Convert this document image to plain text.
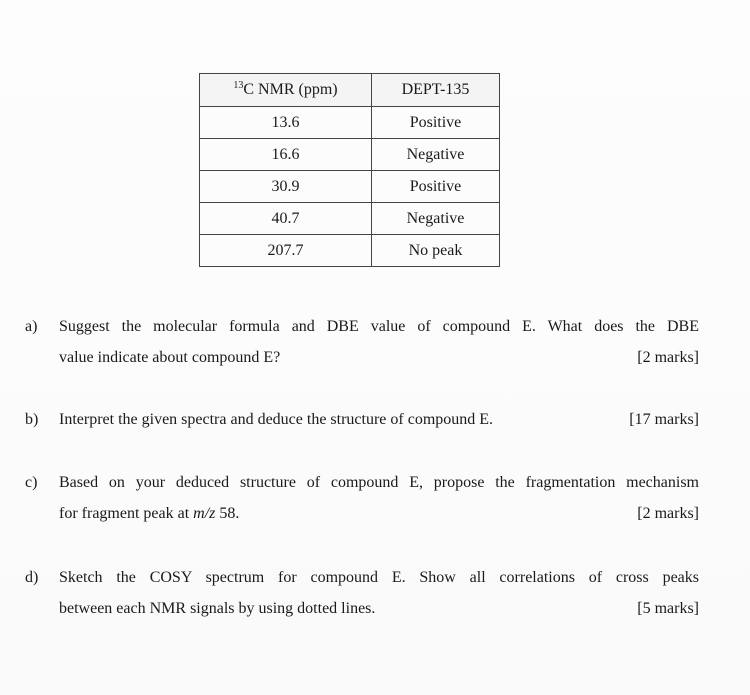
$^{13}$C NMR (ppm)	DEPT-135
13.6	Positive
16.6	Negative
30.9	Positive
40.7	Negative
207.7	No peak
a) Suggest the molecular formula and DBE value of compound E. What does the DBE
value indicate about compound E?	[2 marks]
b) Interpret the given spectra and deduce the structure of compound E.	[17 marks]
c) Based on your deduced structure of compound E, propose the fragmentation mechanism
for fragment peak at m/z 58.	[2 marks]
d) Sketch the COSY spectrum for compound E. Show all correlations of cross peaks
between each NMR signals by using dotted lines.	[5 marks]
